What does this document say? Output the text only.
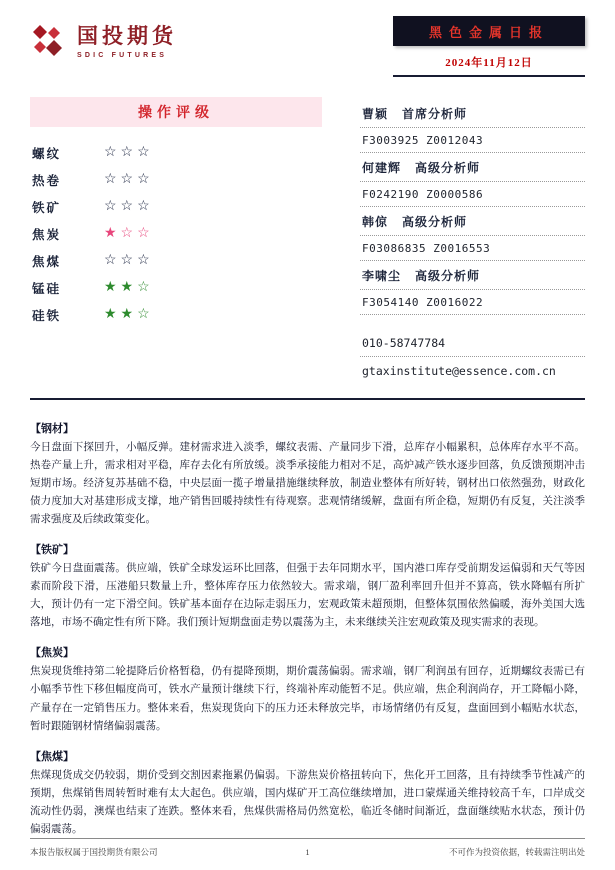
国投期货
SDIC FUTURES
黑色金属日报
2024年11月12日
操作评级
螺纹	☆☆☆
热卷	☆☆☆
铁矿	☆☆☆
焦炭	★☆☆
焦煤	☆☆☆
锰硅	★★☆
硅铁	★★☆
曹颖 首席分析师
F3003925 Z0012043
何建辉 高级分析师
F0242190 Z0000586
韩倞 高级分析师
F03086835 Z0016553
李啸尘 高级分析师
F3054140 Z0016022
010-58747784
gtaxinstitute@essence.com.cn
【钢材】
今日盘面下探回升，小幅反弹。建材需求进入淡季，螺纹表需、产量同步下滑，总库存小幅累积，总体库存水平不高。热卷产量上升，需求相对平稳，库存去化有所放缓。淡季承接能力相对不足，高炉减产铁水逐步回落，负反馈预期冲击短期市场。经济复苏基础不稳，中央层面一揽子增量措施继续释放，制造业整体有所好转，钢材出口依然强劲，财政化债力度加大对基建形成支撑，地产销售回暖持续性有待观察。悲观情绪缓解，盘面有所企稳，短期仍有反复，关注淡季需求强度及后续政策变化。
【铁矿】
铁矿今日盘面震荡。供应端，铁矿全球发运环比回落，但强于去年同期水平，国内港口库存受前期发运偏弱和天气等因素而阶段下滑，压港船只数量上升，整体库存压力依然较大。需求端，钢厂盈利率回升但并不算高，铁水降幅有所扩大，预计仍有一定下滑空间。铁矿基本面存在边际走弱压力，宏观政策未超预期，但整体氛围依然偏暖，海外美国大选落地，市场不确定性有所下降。我们预计短期盘面走势以震荡为主，未来继续关注宏观政策及现实需求的表现。
【焦炭】
焦炭现货维持第二轮提降后价格暂稳，仍有提降预期，期价震荡偏弱。需求端，钢厂利润虽有回存，近期螺纹表需已有小幅季节性下移但幅度尚可，铁水产量预计继续下行，终端补库动能暂不足。供应端，焦企利润尚存，开工降幅小降，产量存在一定销售压力。整体来看，焦炭现货向下的压力还未释放完毕，市场情绪仍有反复，盘面回到小幅贴水状态，暂时跟随钢材情绪偏弱震荡。
【焦煤】
焦煤现货成交仍较弱，期价受到交割因素拖累仍偏弱。下游焦炭价格扭转向下，焦化开工回落，且有持续季节性减产的预期，焦煤销售周转暂时难有太大起色。供应端，国内煤矿开工高位继续增加，进口蒙煤通关维持较高千车，口岸成交流动性仍弱，澳煤也结束了连跌。整体来看，焦煤供需格局仍然宽松，临近冬储时间渐近，盘面继续贴水状态，预计仍偏弱震荡。
本报告版权属于国投期货有限公司	1	不可作为投资依据，转载需注明出处
